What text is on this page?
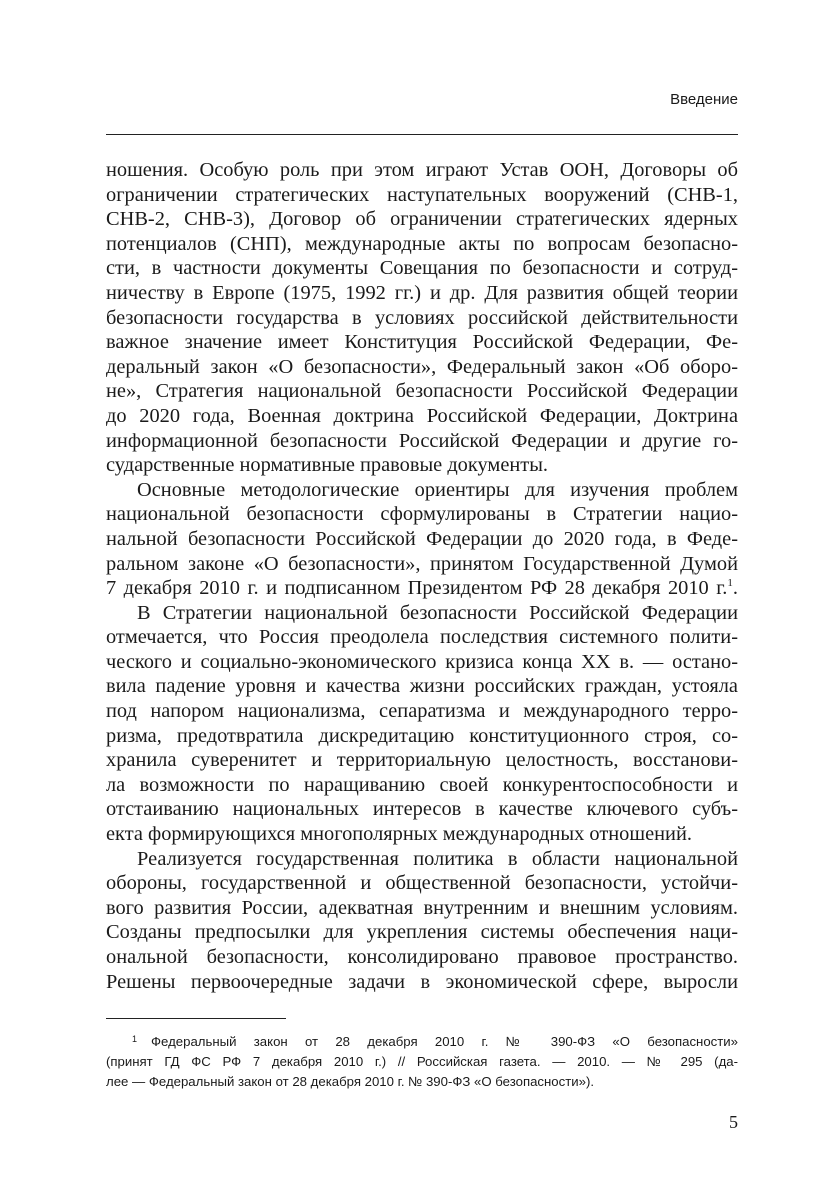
Введение
ношения. Особую роль при этом играют Устав ООН, Договоры об
ограничении стратегических наступательных вооружений (СНВ-1,
СНВ-2, СНВ-3), Договор об ограничении стратегических ядерных
потенциалов (СНП), международные акты по вопросам безопасно-
сти, в частности документы Совещания по безопасности и сотруд-
ничеству в Европе (1975, 1992 гг.) и др. Для развития общей теории
безопасности государства в условиях российской действительности
важное значение имеет Конституция Российской Федерации, Фе-
деральный закон «О безопасности», Федеральный закон «Об оборо-
не», Стратегия национальной безопасности Российской Федерации
до 2020 года, Военная доктрина Российской Федерации, Доктрина
информационной безопасности Российской Федерации и другие го-
сударственные нормативные правовые документы.
Основные методологические ориентиры для изучения проблем
национальной безопасности сформулированы в Стратегии нацио-
нальной безопасности Российской Федерации до 2020 года, в Феде-
ральном законе «О безопасности», принятом Государственной Думой
7 декабря 2010 г. и подписанном Президентом РФ 28 декабря 2010 г.$^1$.
В Стратегии национальной безопасности Российской Федерации
отмечается, что Россия преодолела последствия системного полити-
ческого и социально-экономического кризиса конца XX в. — остано-
вила падение уровня и качества жизни российских граждан, устояла
под напором национализма, сепаратизма и международного терро-
ризма, предотвратила дискредитацию конституционного строя, со-
хранила суверенитет и территориальную целостность, восстанови-
ла возможности по наращиванию своей конкурентоспособности и
отстаиванию национальных интересов в качестве ключевого субъ-
екта формирующихся многополярных международных отношений.
Реализуется государственная политика в области национальной
обороны, государственной и общественной безопасности, устойчи-
вого развития России, адекватная внутренним и внешним условиям.
Созданы предпосылки для укрепления системы обеспечения наци-
ональной безопасности, консолидировано правовое пространство.
Решены первоочередные задачи в экономической сфере, выросли
$^1$ Федеральный закон от 28 декабря 2010 г. № 390-ФЗ «О безопасности»
(принят ГД ФС РФ 7 декабря 2010 г.) // Российская газета. — 2010. — № 295 (да-
лее — Федеральный закон от 28 декабря 2010 г. № 390-ФЗ «О безопасности»).
5
